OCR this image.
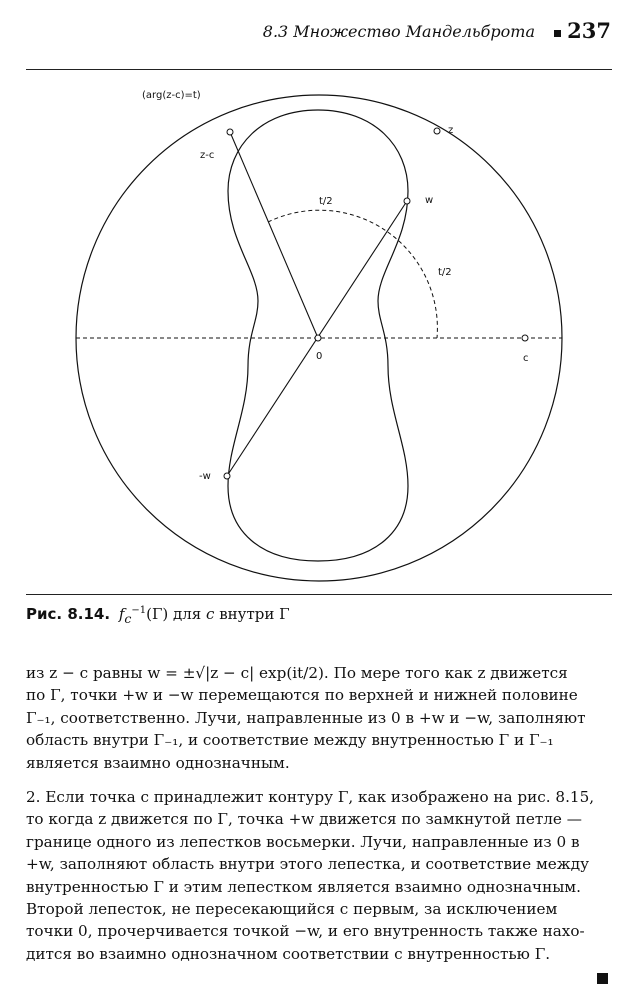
8.3 Множество Мандельброта 237
(arg(z-c)=t)
z
z-c
t/2	w
t/2
0	c
-w
Рис. 8.14. $f_c^{-1}(\Gamma)$ для c внутри Γ
из z − c равны w = ±√|z − c| exp(it/2). По мере того как z движется
по Γ, точки +w и −w перемещаются по верхней и нижней половине
Γ₋₁, соответственно. Лучи, направленные из 0 в +w и −w, заполняют
область внутри Γ₋₁, и соответствие между внутренностью Γ и Γ₋₁
является взаимно однозначным.
2. Если точка c принадлежит контуру Γ, как изображено на рис. 8.15,
то когда z движется по Γ, точка +w движется по замкнутой петле —
границе одного из лепестков восьмерки. Лучи, направленные из 0 в
+w, заполняют область внутри этого лепестка, и соответствие между
внутренностью Γ и этим лепестком является взаимно однозначным.
Второй лепесток, не пересекающийся с первым, за исключением
точки 0, прочерчивается точкой −w, и его внутренность также нахо-
дится во взаимно однозначном соответствии с внутренностью Γ.
